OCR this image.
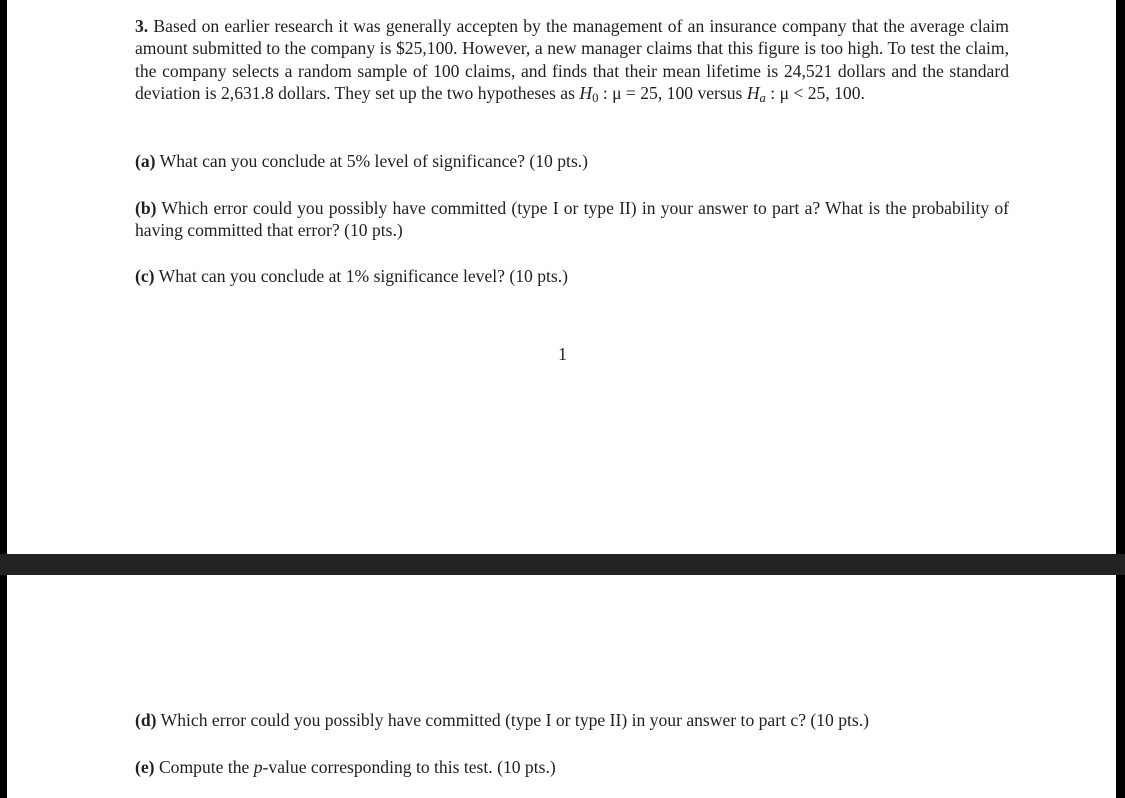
3. Based on earlier research it was generally accepten by the management of an insurance company that the average claim amount submitted to the company is $25,100. However, a new manager claims that this figure is too high. To test the claim, the company selects a random sample of 100 claims, and finds that their mean lifetime is 24,521 dollars and the standard deviation is 2,631.8 dollars. They set up the two hypotheses as $H_0$ : μ = 25, 100 versus Ha : μ < 25, 100.
(a) What can you conclude at 5% level of significance? (10 pts.)
(b) Which error could you possibly have committed (type I or type II) in your answer to part a? What is the probability of having committed that error? (10 pts.)
(c) What can you conclude at 1% significance level? (10 pts.)
1
(d) Which error could you possibly have committed (type I or type II) in your answer to part c? (10 pts.)
(e) Compute the p-value corresponding to this test. (10 pts.)
